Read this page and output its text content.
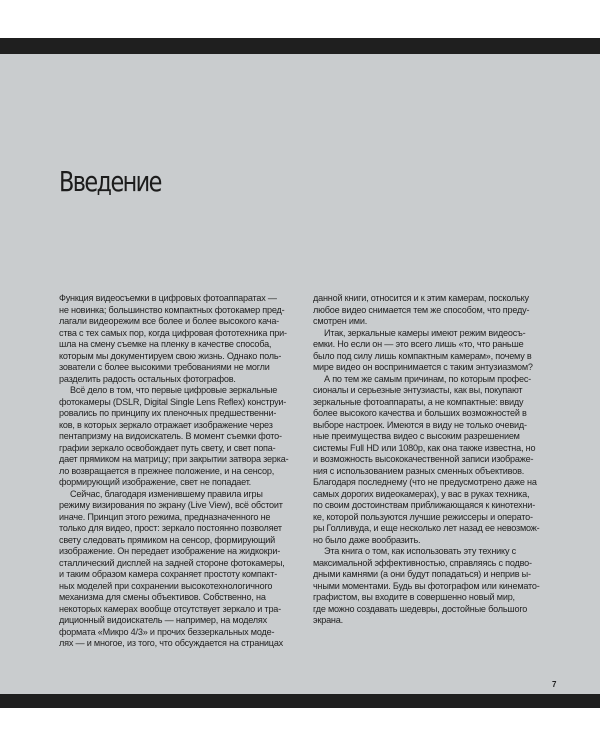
Введение
Функция видеосъемки в цифровых фотоаппаратах —
не новинка; большинство компактных фотокамер пред-
лагали видеорежим все более и более высокого кача-
ства с тех самых пор, когда цифровая фототехника при-
шла на смену съемке на пленку в качестве способа,
которым мы документируем свою жизнь. Однако поль-
зователи с более высокими требованиями не могли
разделить радость остальных фотографов.
Всё дело в том, что первые цифровые зеркальные
фотокамеры (DSLR, Digital Single Lens Reflex) конструи-
ровались по принципу их пленочных предшественни-
ков, в которых зеркало отражает изображение через
пентапризму на видоискатель. В момент съемки фото-
графии зеркало освобождает путь свету, и свет попа-
дает прямиком на матрицу; при закрытии затвора зерка-
ло возвращается в прежнее положение, и на сенсор,
формирующий изображение, свет не попадает.
Сейчас, благодаря изменившему правила игры
режиму визирования по экрану (Live View), всё обстоит
иначе. Принцип этого режима, предназначенного не
только для видео, прост: зеркало постоянно позволяет
свету следовать прямиком на сенсор, формирующий
изображение. Он передает изображение на жидкокри-
сталлический дисплей на задней стороне фотокамеры,
и таким образом камера сохраняет простоту компакт-
ных моделей при сохранении высокотехнологичного
механизма для смены объективов. Собственно, на
некоторых камерах вообще отсутствует зеркало и тра-
диционный видоискатель — например, на моделях
формата «Микро 4/3» и прочих беззеркальных моде-
лях — и многое, из того, что обсуждается на страницах
данной книги, относится и к этим камерам, поскольку
любое видео снимается тем же способом, что преду-
смотрен ими.
Итак, зеркальные камеры имеют режим видеосъ-
емки. Но если он — это всего лишь «то, что раньше
было под силу лишь компактным камерам», почему в
мире видео он воспринимается с таким энтузиазмом?
А по тем же самым причинам, по которым профес-
сионалы и серьезные энтузиасты, как вы, покупают
зеркальные фотоаппараты, а не компактные: ввиду
более высокого качества и больших возможностей в
выборе настроек. Имеются в виду не только очевид-
ные преимущества видео с высоким разрешением
системы Full HD или 1080p, как она также известна, но
и возможность высококачественной записи изображе-
ния с использованием разных сменных объективов.
Благодаря последнему (что не предусмотрено даже на
самых дорогих видеокамерах), у вас в руках техника,
по своим достоинствам приближающаяся к кинотехни-
ке, которой пользуются лучшие режиссеры и операто-
ры Голливуда, и еще несколько лет назад ее невозмож-
но было даже вообразить.
Эта книга о том, как использовать эту технику с
максимальной эффективностью, справляясь с подво-
дными камнями (а они будут попадаться) и неприв ы-
чными моментами. Будь вы фотографом или кинемато-
графистом, вы входите в совершенно новый мир,
где можно создавать шедевры, достойные большого
экрана.
7
